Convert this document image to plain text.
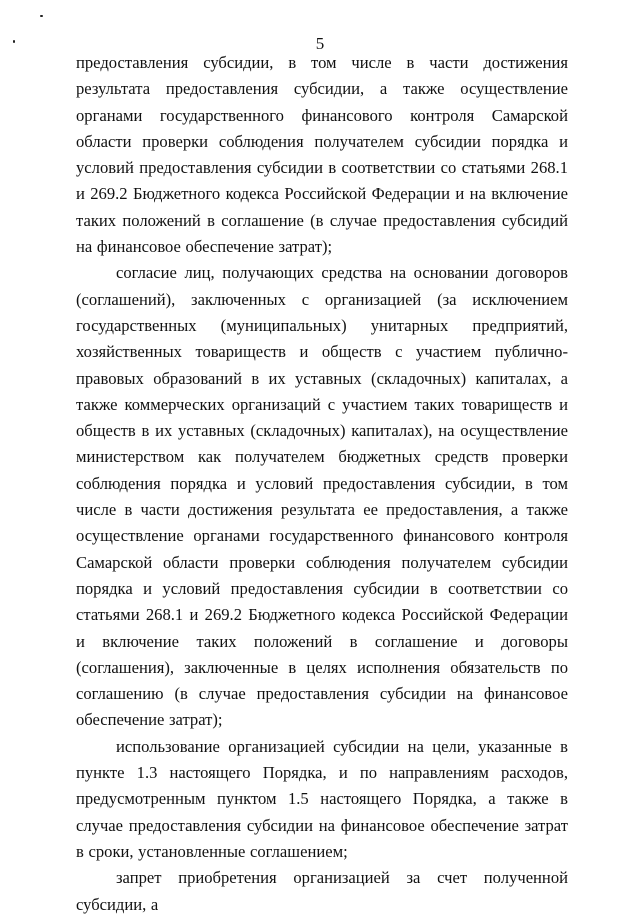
5

предоставления субсидии, в том числе в части достижения результата предоставления субсидии, а также осуществление органами государственного финансового контроля Самарской области проверки соблюдения получателем субсидии порядка и условий предоставления субсидии в соответствии со статьями 268.1 и 269.2 Бюджетного кодекса Российской Федерации и на включение таких положений в соглашение (в случае предоставления субсидий на финансовое обеспечение затрат);

согласие лиц, получающих средства на основании договоров (соглашений), заключенных с организацией (за исключением государственных (муниципальных) унитарных предприятий, хозяйственных товариществ и обществ с участием публично-правовых образований в их уставных (складочных) капиталах, а также коммерческих организаций с участием таких товариществ и обществ в их уставных (складочных) капиталах), на осуществление министерством как получателем бюджетных средств проверки соблюдения порядка и условий предоставления субсидии, в том числе в части достижения результата ее предоставления, а также осуществление органами государственного финансового контроля Самарской области проверки соблюдения получателем субсидии порядка и условий предоставления субсидии в соответствии со статьями 268.1 и 269.2 Бюджетного кодекса Российской Федерации и включение таких положений в соглашение и договоры (соглашения), заключенные в целях исполнения обязательств по соглашению (в случае предоставления субсидии на финансовое обеспечение затрат);

использование организацией субсидии на цели, указанные в пункте 1.3 настоящего Порядка, и по направлениям расходов, предусмотренным пунктом 1.5 настоящего Порядка, а также в случае предоставления субсидии на финансовое обеспечение затрат в сроки, установленные соглашением;

запрет приобретения организацией за счет полученной субсидии, а
